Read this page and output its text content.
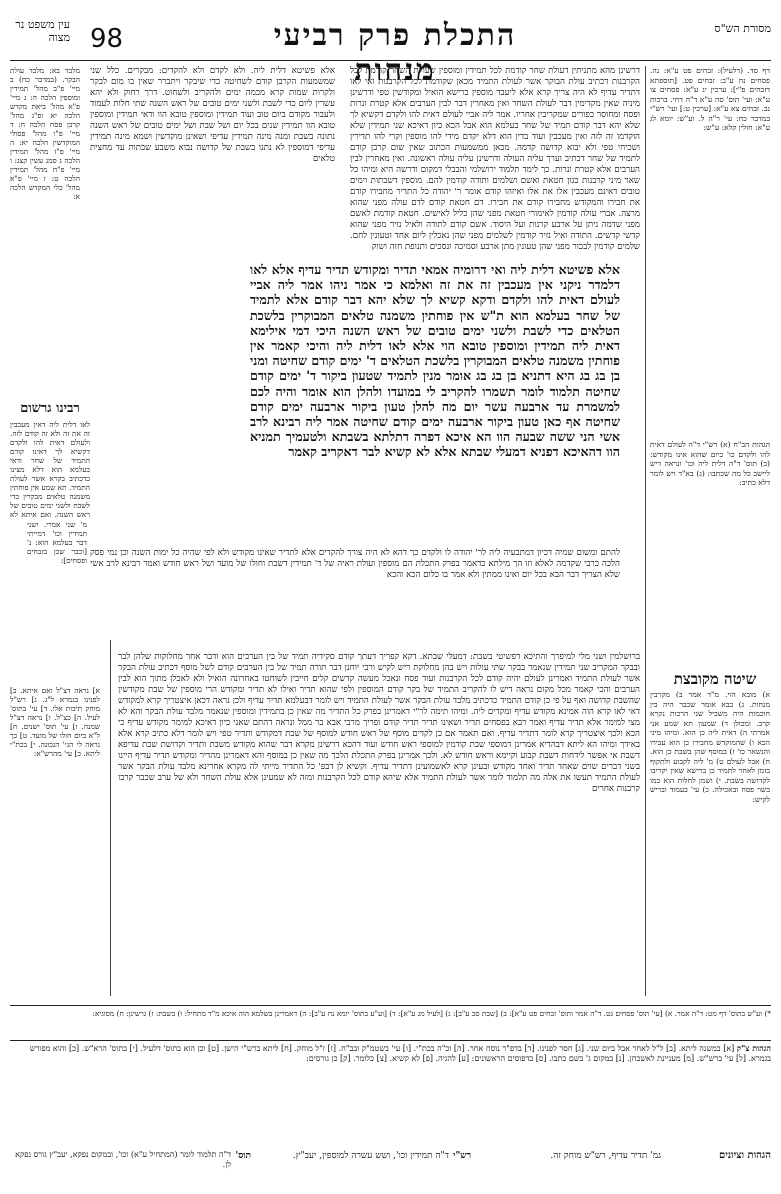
מסורת הש"ס
התכלת פרק רביעי מנחות
98
עין משפט נר מצוה
דף סד. (דלעיל): זבחים פט ע"א: נה. פסחים נח ע"ב: זבחים פט. [תוספתא דזבחים פ"י]: ערכין יג ע"א: פסחים צו ע"א: ועי' תוס' סה ע"א ד"ה דחי. ברכות נב. זבחים צא ע"א: [ערכין ט:] ועי' רש"י במדבר כח: עי' ר"ה ל. וע"ש: יומא לג ע"א: חולין קלא: ע"ש:
הגהות הב"ח (א) רש"י ד"ה לעולם דאית להו ולקדם כו' ביום שהוא אינו מקודש: (ב) תוס' ד"ה דלית ליה וכו' ונראה דיש ליישב כל מה שכתבו: (ג) בא"ד ויש לומר דלא כתיב:
דרשינן מהא מתניתין דעולת שחר קודמת לכל תמידין ומוספין שעולת השחר קודמת לכל הקרבנות דכתיב עולת הבוקר אשר לעולת התמיד מכאן שקודמת לכל הקרבנות ואי לאו דתדיר עדיף לא היה צריך קרא אלא ליעבד מוספין ברישא הואיל ומקודשין טפי ודרשינן מיניה שאין מקדימין דבר לעולת השחר ואין מאחרין דבר לבין הערבים אלא קטרת ונרות ופסח ומחוסר כפורים שמקריבין אחריו. אמר ליה אביי לעולם דאית להו ולקדם דקשיא לך שלא יהא דבר קודם תמיד של שחר בעלמא הוא אבל הכא כיון דאיכא שני תמידין שלא הוקדמו זה לזה ואין מעכבין ועוד בדין הוא דלא יקדם מידי להו מוספין וקרי להו תדירין ושכיחי טפי ולא יבוא קדושה קדמה. מכאן ממשמעות הכתוב שאין שום קרבן קודם לתמיד של שחר דכתיב וערך עליה העולה ודרשינן עליה עולה ראשונה. ואין מאחרין לבין הערבים אלא קטרת ונרות. כך לימד תלמוד ירושלמי והבבלי דמקום ודרשה היא ומיהו כל שאר מיני קרבנות כגון חטאת ואשם ושלמים ותודה קודמין להם. מוספין דשבתות וימים טובים דאינם מעכבין אלו את אלו ואיזהו קודם אומר ר' יהודה כל התדיר מחבירו קודם את חבירו והמקודש מחבירו קודם את חבירו. דם חטאת קודם לדם עולה מפני שהוא מרצה. אברי עולה קודמין לאימורי חטאת מפני שהן כליל לאישים. חטאת קודמת לאשם מפני שדמה ניתן על ארבע קרנות ועל היסוד. אשם קודם לתודה ולאיל נזיר מפני שהוא קדשי קדשים. התודה ואיל נזיר קודמין לשלמים מפני שהן נאכלין ליום אחד וטעונין לחם. שלמים קודמין לבכור מפני שהן טעונין מתן ארבע וסמיכה ונסכים ותנופת חזה ושוק
אלא פשיטא דלית ליה. ולא לקדם ולא להקדים: מבקרים. כלל שני שמשמעות הקרבן קודם לשחיטה כדי שיבקר ויתברר שאין בו מום לבקר ולקרות שמות קרא מכמה ימים ולהקריב ולשחוט. דרך רחוק ולא יהא עשרין ליום כדי לשבת ולשני ימים טובים של ראש השנה שתי חלות לעמוד ולעבור מקודם ביום טוב ועוד תמידין ומוספין טובא הוו ודאי תמידין ומוספין טובא הוו תמידין שנים בכל יום ושל שבת ושל ימים טובים של ראש השנה נתונה בשבת ומנה מינה תמידין עדיפי ושאינן מוקדשין ושמא מינה תמידין עדיפי דמוספין לא נתנו בשבת של קדושה נבוא משבע שבתות עד מחצית טלאים
אלא פשיטא דלית ליה ואי דרומיה אמאי תדיר ומקודש תדיר עדיף אלא לאו דלמדר ניקני אין מעכבין זה את זה ואלמא כי אמר ניהו אמר ליה אביי לעולם דאית להו ולקדם ודקא קשיא לך שלא יהא דבר קודם אלא לתמיד של שחר בעלמא הוא ת"ש אין פוחתין משמנה טלאים המבוקרין בלשכת הטלאים כדי לשבת ולשני ימים טובים של ראש השנה היכי דמי אילימא דאית ליה תמידין ומוספין טובא הוי אלא לאו דלית ליה והיכי קאמר אין פוחתין משמנה טלאים המבוקרין בלשכת הטלאים ד' ימים קודם שחיטה ומני בן בג בג היא דתניא בן בג בג אומר מנין לתמיד שטעון ביקור ד' ימים קודם שחיטה תלמוד לומר תשמרו להקריב לי במועדו ולהלן הוא אומר והיה לכם למשמרת עד ארבעה עשר יום מה להלן טעון ביקור ארבעה ימים קודם שחיטה אף כאן טעון ביקור ארבעה ימים קודם שחיטה אמר ליה רבינא לרב אשי הני ששה שבעה הוו הא איכא דפרה דתלתא בשבתא ולטעמיך תמניא הוו דהאיכא דפניא דמעלי שבתא אלא לא קשיא לבר דאקריב קאמר
להתם ומשום שמיה דכיון דמתבעיה ליה לר' יהודה לו ולקדם כך דהא לא היה צורך להקדים אלא לתדיר שאינו מקודש ולא לפי שהיה כל ימות השנה וכן נמי פסק הלכה כרבי שקדמה לאלא וזו הך מילתא כדאמר בפרק התכלת הם מוספין ועולת ראיה של ד' תמידין דשבת וחולו של מועד ושל ראש חודש ואמר רבינא לרב אשי שלא הצריך דבר הבא בכל יום ואינו ממתין ולא אמר בו כלום הכא והכא
ברושלמין ושני מלי למיפרך והתיכא דפשיטי בשבת: דמעלי שבתא. דקא קפריך דעתך קודם סקידיה תמיד של בין הערבים הוא ודבר אחר מחלוקות שלהן לבר ובבקר המקריב שני תמידין שנאמר בבקר שתי עולות ויש בהן מחלוקת ריש לקיש ורבי יוחנן דבר תורה תמיד של בין הערבים קודם לשל מוסף דכתיב עולת הבקר אשר לעולת התמיד ואמרינן לעולם יהיה קודם לכל הקרבנות ועוד פסח ונאכל מעשה קדשים קלים חייבין לשוחטו באחרונה הואיל ולא לאכלן מתוך הוא לבין הערבים והכי קאמר מכל מקום נראה דיש לו להקריב התמיד של בקר קודם המוספין ולפי שהוא תדיר ואילו לא תדיר ומקודש הרי מוספין של שבת מקודשין שהשבת קדושה ואף על פי כן קודם התמיד כדכתיב מלבד עולת הבקר אשר לעולת התמיד ויש לומר דבעלמא תדיר עדיף ולכן נראה דכאן איצטריך קרא למקודש דאי לאו קרא הוה אמינא מקודש עדיף ומקדים ליה. ומיהו תימה לר"י דאמרינן בפרק כל התדיר מה שאין כן בתמידין ומוספין שנאמר מלבד עולת הבקר והא לא מצי למימר אלא תדיר עדיף ואמר רבא בפסחים תדיר ושאינו תדיר תדיר קודם ופריך מרבי אבא בר ממל ונראה דהתם שאני כיון דאיכא למימר מקודש עדיף כי הכא ולכך איצטריך קרא לומר דתדיר עדיף. ואם תאמר אם כן לקדים מוסף של ראש חודש למוסף של שבת דמקודש ותדיר טפי ויש לומר דלא כתיב קרא אלא באידך ומיהו הא ליתא דבהדיא אמרינן דמוספי שבת קודמין למוספי ראש חודש ועוד דהכא דרשינן מקרא דבר שהוא מקודש משבת ותדיר וקדושת שבת עדיפא דשבת אי אפשר לידחות דשבת קבוע וקיימא וראש חודש לא. ולכך אמרינן בפרק התכלת הלכך מה שאין כן במוסף והא דאמרינן מהדיר ומקודש תדיר עדיף היינו בשני דברים שוים שאחד תדיר ואחד מקודש ובעינן קרא לאשמועינן דתדיר עדיף. וקשיא לן דבפ' כל התדיר מייתי לה מקרא אחרינא מלבד עולת הבקר אשר לעולת התמיד תעשו את אלה מה תלמוד לומר אשר לעולת התמיד אלא שיהא קודם לכל הקרבנות ומזה לא שמעינן אלא עולת השחר ולא של ערב שכבר קרבו קרבנות אחרים
מלבד בא: מלבד עולת הבקר. (במדבר כח) ב מיי' פ"ב מהל' תמידין ומוספין הלכה ה: ג מיי' פ"א מהל' ביאת מקדש הלכה יא ופ"ג מהל' קרבן פסח הלכה ח: ד מיי' פ"ו מהל' פסולי המוקדשין הלכה יא: ה מיי' פ"ז מהל' תמידין הלכה ג סמג עשין קצג: ו מיי' פ"ח מהל' תמידין הלכה ט: ז מיי' פ"א מהל' כלי המקדש הלכה א:
רבינו גרשום
לאו דלית ליה דאין מעכבין זה את זה ולא זה קודם לזה. ולעולם דאית להו ולקדם דקשיא לך דאינו קודם התמיד של שחר ודאי בעלמא הוא דלא מצינו כדכתיב בקרא אשר לעולת התמיד. תא שמע אין פוחתין משמנה טלאים מבקרין כדי לשבת ולשני ימים טובים של ראש השנה. ואם איתא לא
מ' שני אמרי. ושני תמידין וכו' דמייתי דבר בעלמא הוא: נ' [וכבר שכן בזבחים ופסחים]:
שיטה מקובצת
א) מובא הוי. מ"ד אמר ב) מקרבין מנחות. ג) בבא אומר שכבר היה בין חוכמות היה משביל שני הרכות נקרא קרב. ומכולן ד) שמעון תא שמע אני אמרתי ה) דאית ליה כן הוא. ומיהו מיני הכא ו) שהמוקדש מחבירו כן הוא עבירו והנשאר כו' ז) במוסף שהן בשבת כן הוא. ח) אבל לעולם ט) מ' ליה לקבוע ולתקוף בזמן לאחר לתמיד כן ברישא שאין יקריבו לקדושה בשבת. י) ושמן לחלות הוא כמו בשר פסח ובאכילה. כ) עי' בעמוד ובריש לקיש:
א] נראה דצ"ל ואם איתא. ב] לפנינו בגמרא ל"ג. ג] רש"ל מוחק תיבות אלו. ד] עי' בתוס' לעיל. ה] כצ"ל. ו] נראה דצ"ל שמנה. ז] עי' תוס' ישנים. ח] ל"א ביום חולו של מועד. ט] כך נראה לי הגי' הנכונה. י] בכת"י ליתא. כ] עי' מהרש"א:
*) וע"ש בתוס' דף מט: ד"ה אמר. א) [עי' תוס' פסחים נט. ד"ה אמר ותוס' זבחים פט ע"א]: ב) [שבת סב ע"ב]: ג) [לעיל מג ע"א]: ד) [וע"ע בתוס' יומא נח ע"ב]: ה) דאמרינן בשלמא הוה איכא מ"ד מתחיל: ו) בשבת: ז) גרשינן: ח) מסוגיא:
הגהות צ"ק [א] במשנה ליתא. [ב] ל"ל לאחר אבל ביום שני. [ג] חסר לפנינו. [ד] בדפ"ר נוסח אחר. [ה] וכ"ה בכת"י. [ו] עי' בשטמ"ק ובב"ח. [ז] ז"ל מוחק. [ח] ליתא ברש"י הישן. [ט] וכן הוא בתוס' דלעיל. [י] בתוס' הרא"ש. [כ] והוא מפורש בגמרא. [ל] עי' ברש"ש. [מ] מעניינת לאשכחן. [נ] במקום ג' בשם כתבו. [ס] בדפוסים הראשונים: [ע] להגיה. [פ] לא קשיא. [צ] כלומר. [ק] כן גורסים:
הגהות וציונים
גמ' תדיר עדיף, רש"ש מוחק זה.
רש"י
ד"ה תמידין וכו', ושש עשרה למוספין, יעב"ץ.
תוס'
ד"ה תלמוד לומר (המתחיל ע"א) וכו', ובמקום נפקא, יעב"ץ גורס נפקא לן.
